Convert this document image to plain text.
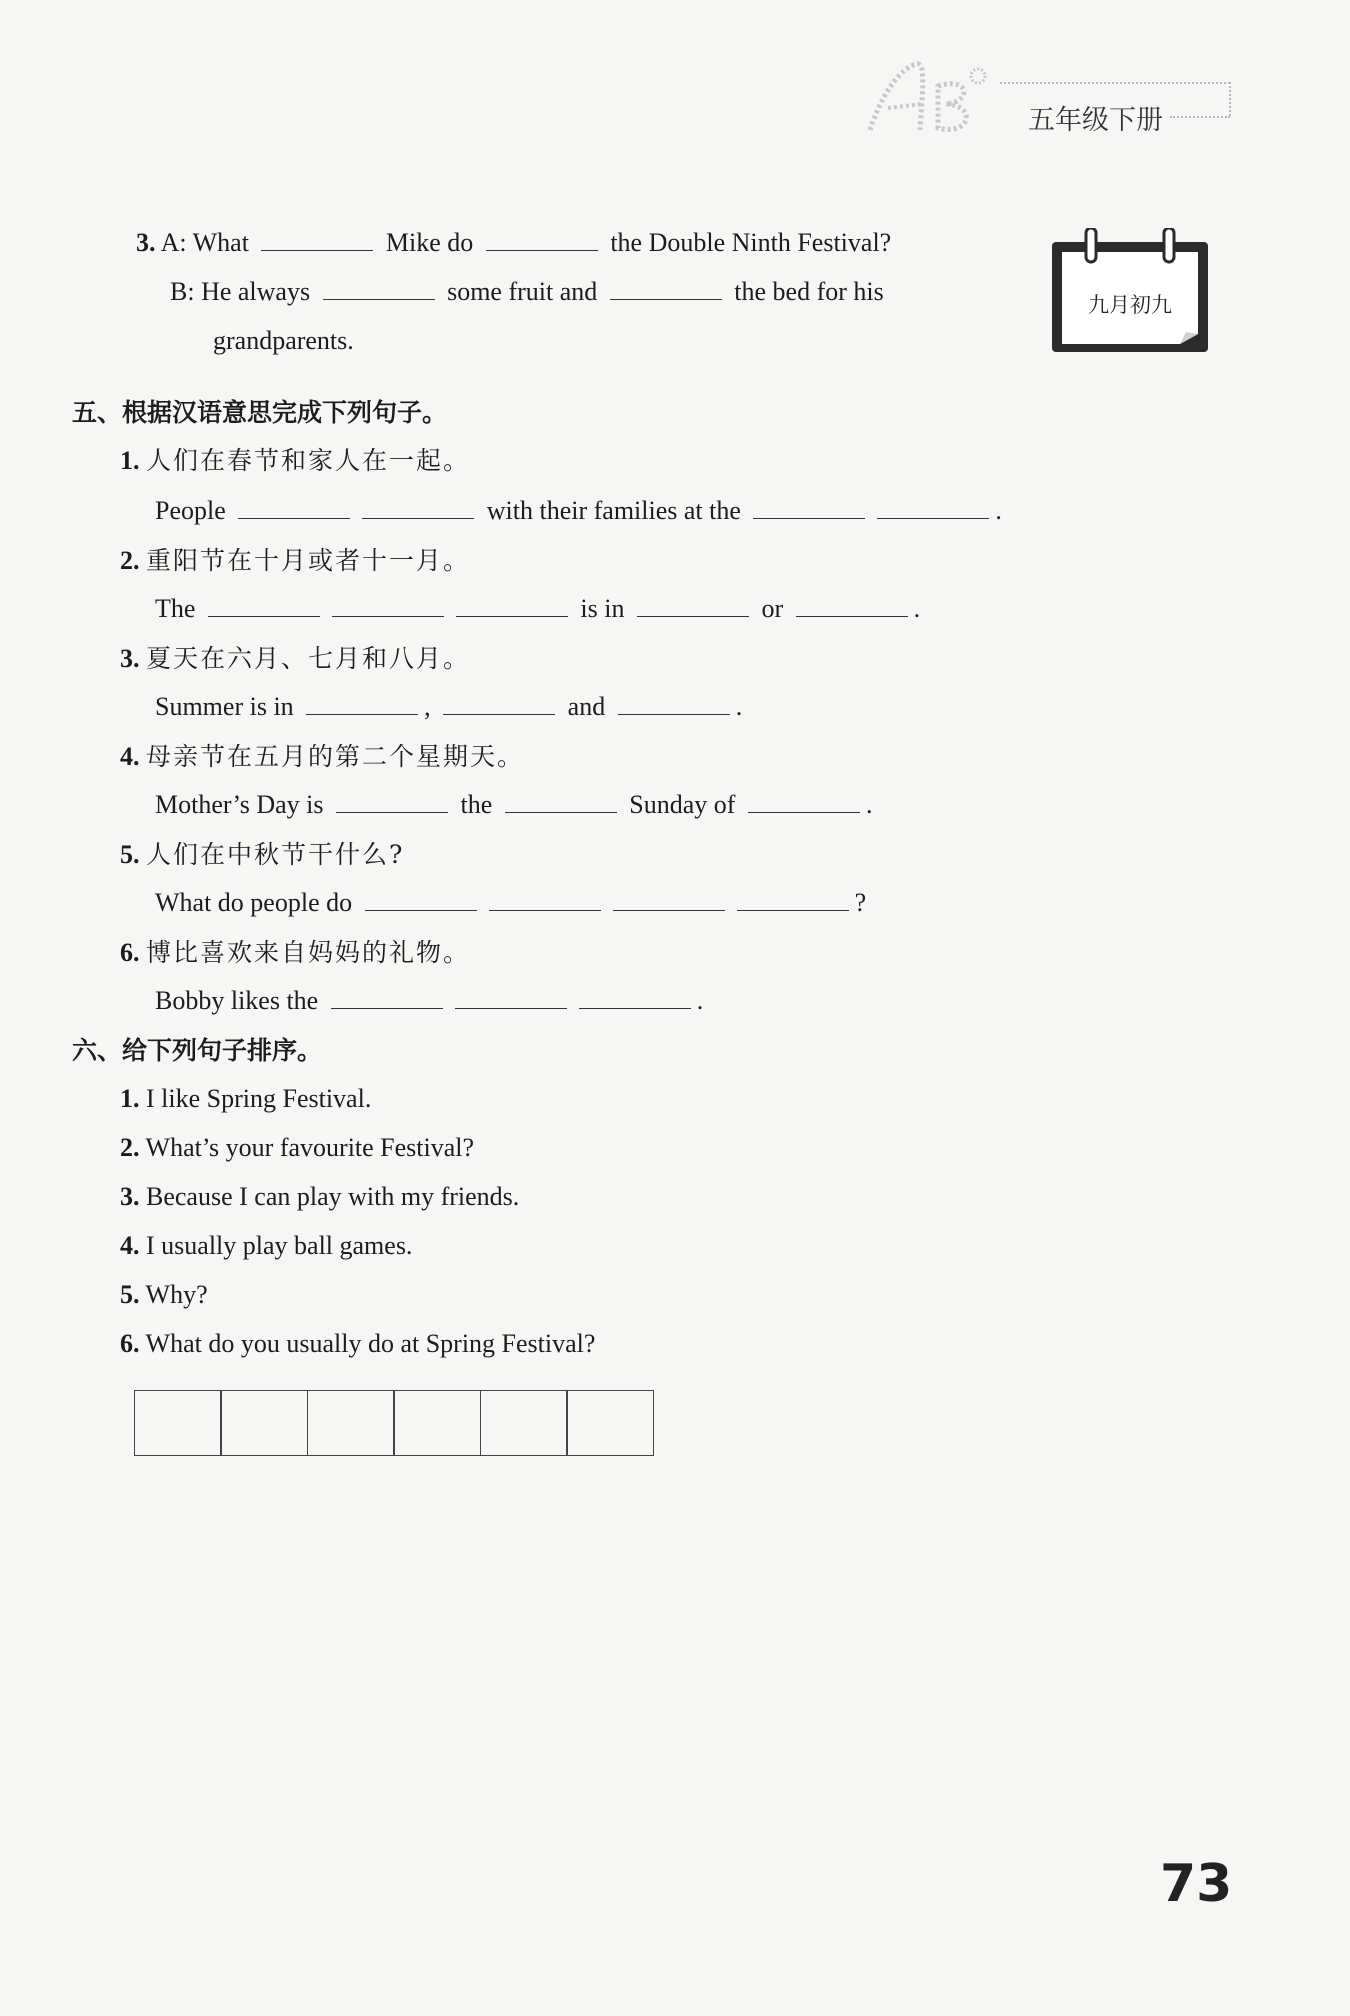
五年级下册
3. A: What	Mike do	the Double Ninth Festival?
B: He always	some fruit and	the bed for his
grandparents.
九月初九
五、根据汉语意思完成下列句子。
1. 人们在春节和家人在一起。
People	with their families at the	.
2. 重阳节在十月或者十一月。
The	is in	or	.
3. 夏天在六月、七月和八月。
Summer is in	,	and	.
4. 母亲节在五月的第二个星期天。
Mother’s Day is	the	Sunday of	.
5. 人们在中秋节干什么?
What do people do	?
6. 博比喜欢来自妈妈的礼物。
Bobby likes the	.
六、给下列句子排序。
1. I like Spring Festival.
2. What’s your favourite Festival?
3. Because I can play with my friends.
4. I usually play ball games.
5. Why?
6. What do you usually do at Spring Festival?
73
